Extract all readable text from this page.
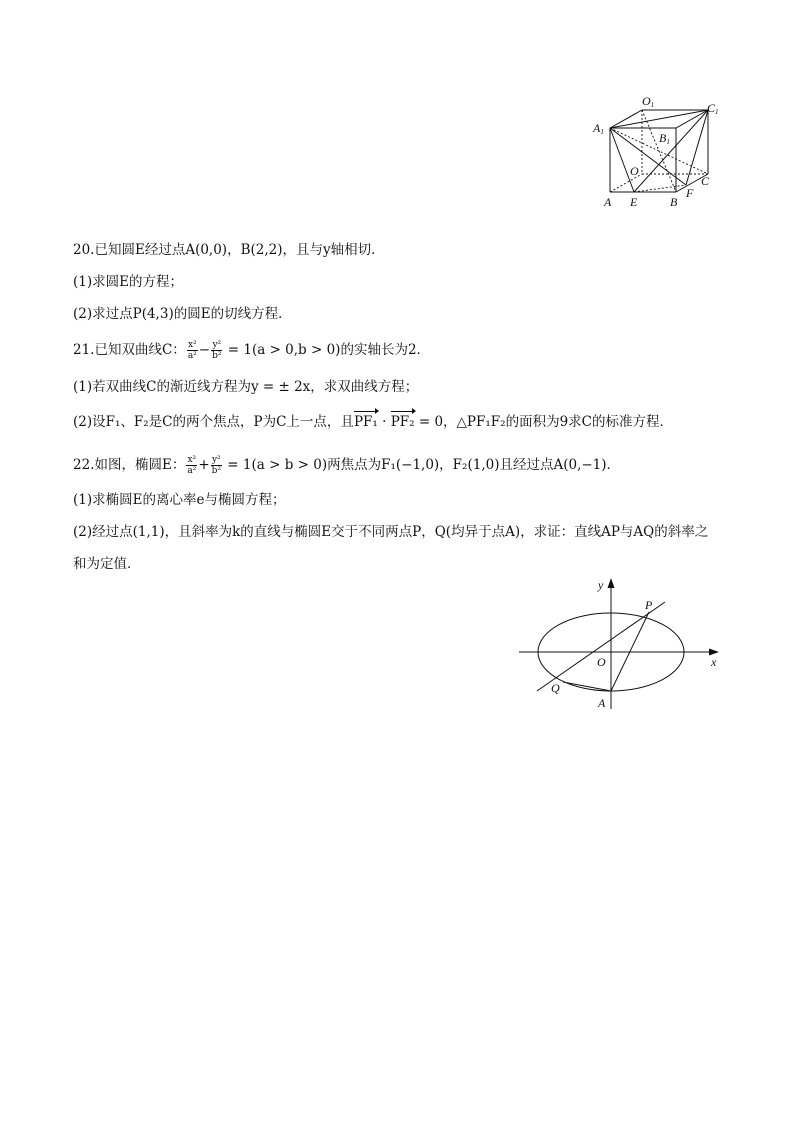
O1	C1
A1	B1
O
C
F
A E	B
20.已知圆E经过点A(0,0)，B(2,2)，且与y轴相切．
(1)求圆E的方程；
(2)求过点P(4,3)的圆E的切线方程．
21.已知双曲线C： $\frac{\text{x²}}{\text{a²}} - \frac{\text{y²}}{\text{b²}} = 1(a > 0,b > 0)$的实轴长为2．
(1)若双曲线C的渐近线方程为y = ± 2x，求双曲线方程；
(2)设F₁、F₂是C的两个焦点，P为C上一点，且PF₁ · PF₂ = 0，△PF₁F₂的面积为9求C的标准方程．
22.如图，椭圆E： $\frac{\text{x²}}{\text{a²}} + \frac{\text{y²}}{\text{b²}} = 1(a > b > 0)$两焦点为F₁(−1,0)，F₂(1,0)且经过点A(0,−1)．
(1)求椭圆E的离心率e与椭圆方程；
(2)经过点(1,1)，且斜率为k的直线与椭圆E交于不同两点P，Q(均异于点A)，求证：直线AP与AQ的斜率之
和为定值．
y
x
P
O
Q
A
